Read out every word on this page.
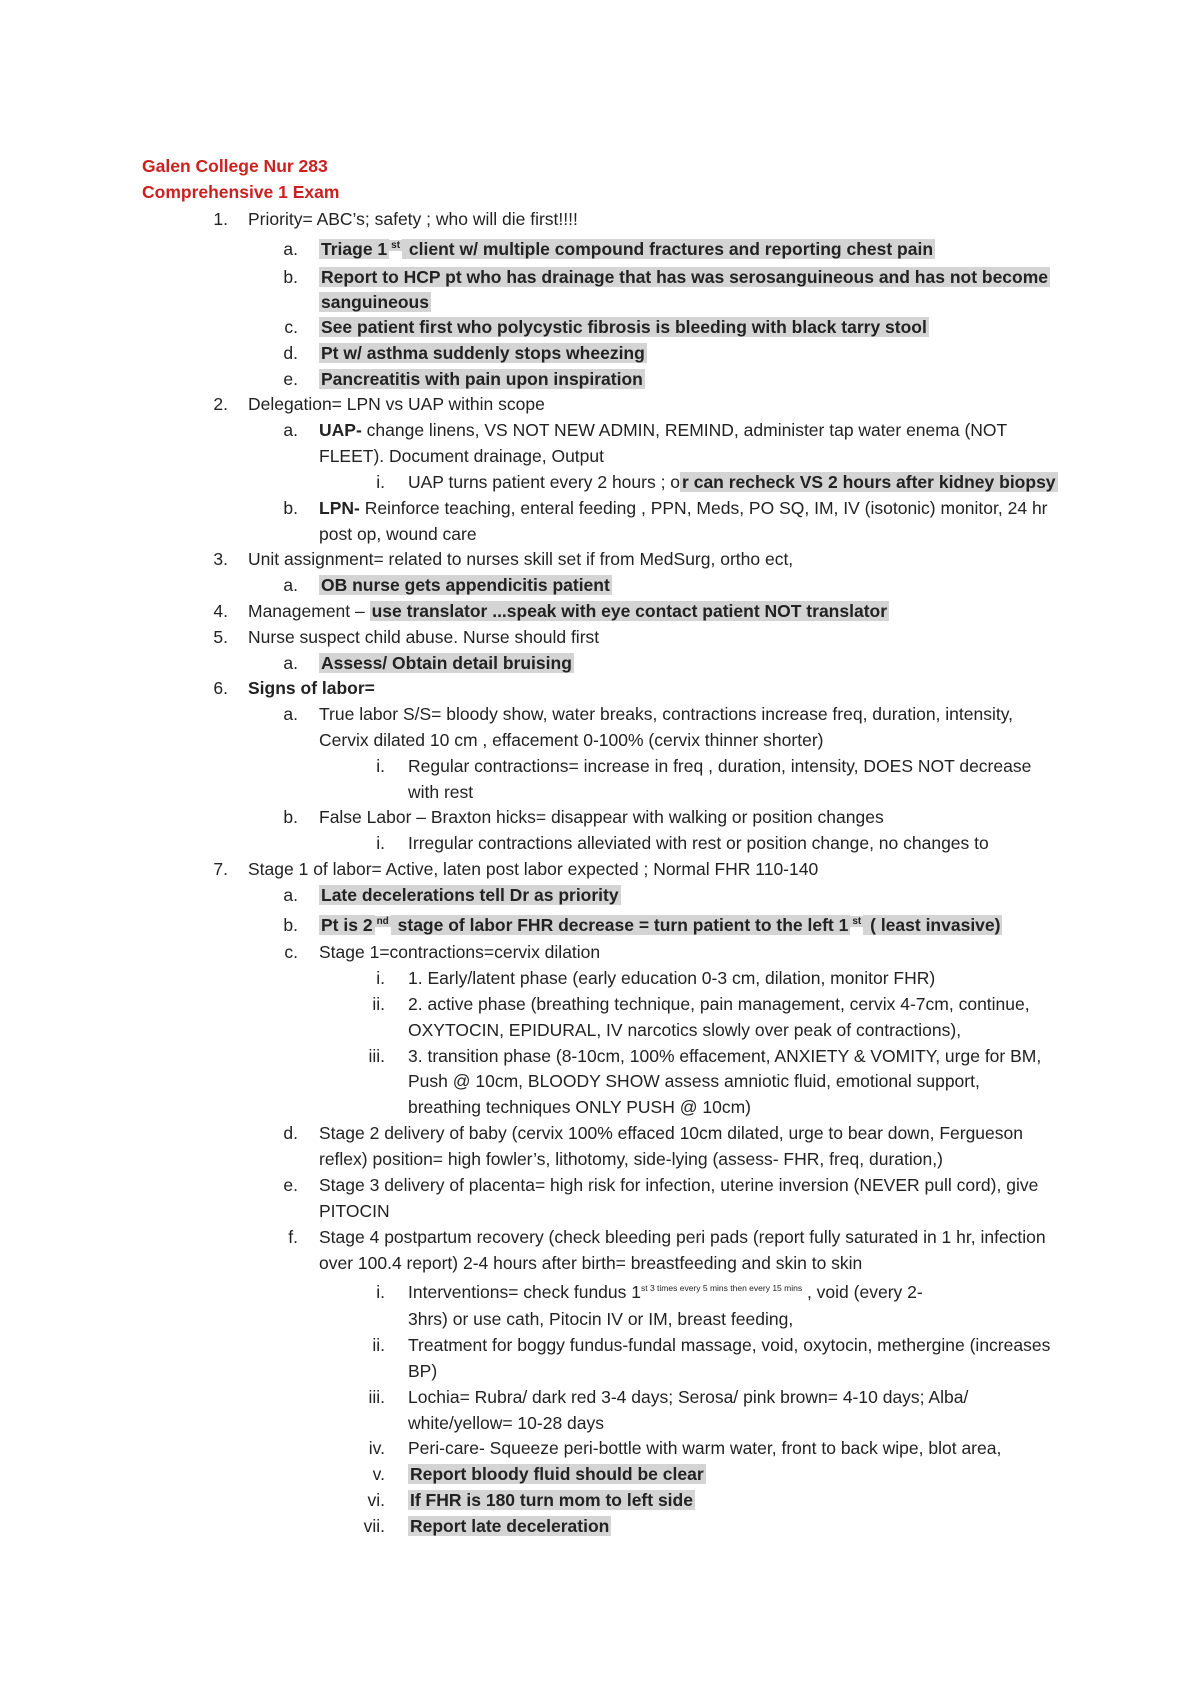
Galen College Nur 283
Comprehensive 1 Exam
1. Priority= ABC’s; safety ; who will die first!!!!
a. Triage 1 $^{st}$ client w/ multiple compound fractures and reporting chest pain
b. Report to HCP pt who has drainage that has was serosanguineous and has not become
sanguineous
c. See patient first who polycystic fibrosis is bleeding with black tarry stool
d. Pt w/ asthma suddenly stops wheezing
e. Pancreatitis with pain upon inspiration
2. Delegation= LPN vs UAP within scope
a. UAP- change linens, VS NOT NEW ADMIN, REMIND, administer tap water enema (NOT
FLEET). Document drainage, Output
i. UAP turns patient every 2 hours ; o r can recheck VS 2 hours after kidney biopsy
b. LPN- Reinforce teaching, enteral feeding , PPN, Meds, PO SQ, IM, IV (isotonic) monitor, 24 hr
post op, wound care
3. Unit assignment= related to nurses skill set if from MedSurg, ortho ect,
a. OB nurse gets appendicitis patient
4. Management – use translator ...speak with eye contact patient NOT translator
5. Nurse suspect child abuse. Nurse should first
a. Assess/ Obtain detail bruising
6. Signs of labor=
a. True labor S/S= bloody show, water breaks, contractions increase freq, duration, intensity,
Cervix dilated 10 cm , effacement 0-100% (cervix thinner shorter)
i. Regular contractions= increase in freq , duration, intensity, DOES NOT decrease
with rest
b. False Labor – Braxton hicks= disappear with walking or position changes
i. Irregular contractions alleviated with rest or position change, no changes to
7. Stage 1 of labor= Active, laten post labor expected ; Normal FHR 110-140
a. Late decelerations tell Dr as priority
b. Pt is 2 $^{nd}$ stage of labor FHR decrease = turn patient to the left 1 $^{st}$ ( least invasive)
c. Stage 1=contractions=cervix dilation
i. 1. Early/latent phase (early education 0-3 cm, dilation, monitor FHR)
ii. 2. active phase (breathing technique, pain management, cervix 4-7cm, continue,
OXYTOCIN, EPIDURAL, IV narcotics slowly over peak of contractions),
iii. 3. transition phase (8-10cm, 100% effacement, ANXIETY & VOMITY, urge for BM,
Push @ 10cm, BLOODY SHOW assess amniotic fluid, emotional support,
breathing techniques ONLY PUSH @ 10cm)
d. Stage 2 delivery of baby (cervix 100% effaced 10cm dilated, urge to bear down, Fergueson
reflex) position= high fowler’s, lithotomy, side-lying (assess- FHR, freq, duration,)
e. Stage 3 delivery of placenta= high risk for infection, uterine inversion (NEVER pull cord), give
PITOCIN
f. Stage 4 postpartum recovery (check bleeding peri pads (report fully saturated in 1 hr, infection
over 100.4 report) 2-4 hours after birth= breastfeeding and skin to skin
i. Interventions= check fundus $1^{st 3 times every 5 mins then every 15 mins}$ , void (every 2-
3hrs) or use cath, Pitocin IV or IM, breast feeding,
ii. Treatment for boggy fundus-fundal massage, void, oxytocin, methergine (increases
BP)
iii. Lochia= Rubra/ dark red 3-4 days; Serosa/ pink brown= 4-10 days; Alba/
white/yellow= 10-28 days
iv. Peri-care- Squeeze peri-bottle with warm water, front to back wipe, blot area,
v. Report bloody fluid should be clear
vi. If FHR is 180 turn mom to left side
vii. Report late deceleration
